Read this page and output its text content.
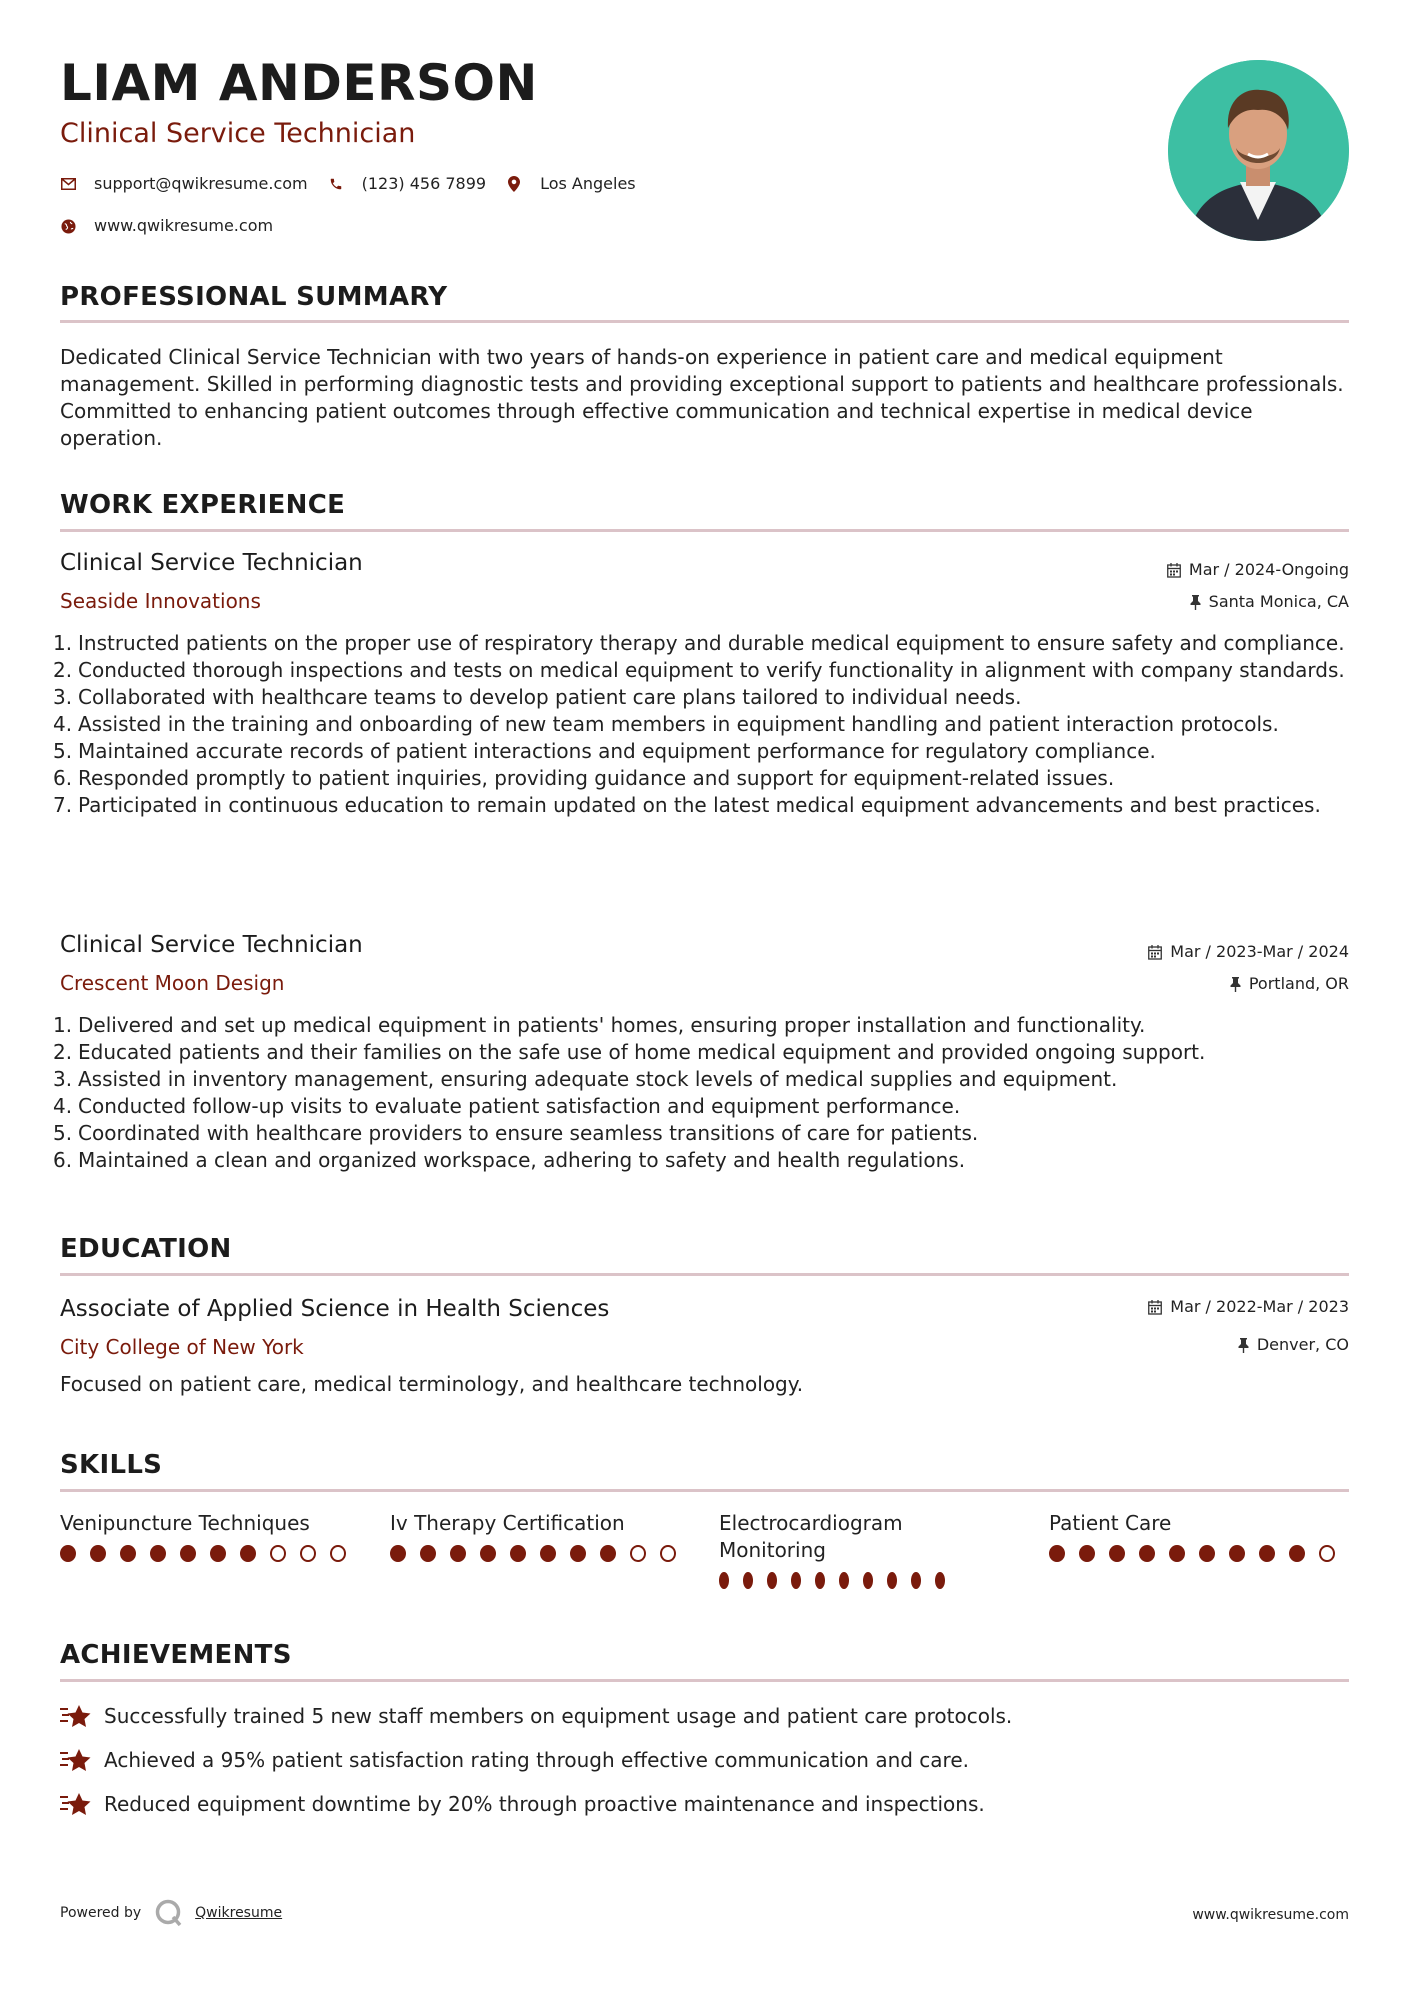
LIAM ANDERSON
Clinical Service Technician
support@qwikresume.com	(123) 456 7899	Los Angeles
www.qwikresume.com
PROFESSIONAL SUMMARY
Dedicated Clinical Service Technician with two years of hands-on experience in patient care and medical equipment management. Skilled in performing diagnostic tests and providing exceptional support to patients and healthcare professionals. Committed to enhancing patient outcomes through effective communication and technical expertise in medical device operation.
WORK EXPERIENCE
Clinical Service Technician
Seaside Innovations
Mar / 2024-Ongoing
Santa Monica, CA
1. Instructed patients on the proper use of respiratory therapy and durable medical equipment to ensure safety and compliance.
2. Conducted thorough inspections and tests on medical equipment to verify functionality in alignment with company standards.
3. Collaborated with healthcare teams to develop patient care plans tailored to individual needs.
4. Assisted in the training and onboarding of new team members in equipment handling and patient interaction protocols.
5. Maintained accurate records of patient interactions and equipment performance for regulatory compliance.
6. Responded promptly to patient inquiries, providing guidance and support for equipment-related issues.
7. Participated in continuous education to remain updated on the latest medical equipment advancements and best practices.
Clinical Service Technician
Crescent Moon Design
Mar / 2023-Mar / 2024
Portland, OR
1. Delivered and set up medical equipment in patients' homes, ensuring proper installation and functionality.
2. Educated patients and their families on the safe use of home medical equipment and provided ongoing support.
3. Assisted in inventory management, ensuring adequate stock levels of medical supplies and equipment.
4. Conducted follow-up visits to evaluate patient satisfaction and equipment performance.
5. Coordinated with healthcare providers to ensure seamless transitions of care for patients.
6. Maintained a clean and organized workspace, adhering to safety and health regulations.
EDUCATION
Associate of Applied Science in Health Sciences
City College of New York
Mar / 2022-Mar / 2023
Denver, CO
Focused on patient care, medical terminology, and healthcare technology.
SKILLS
Venipuncture Techniques	Iv Therapy Certification	Electrocardiogram Monitoring
Patient Care
ACHIEVEMENTS
Successfully trained 5 new staff members on equipment usage and patient care protocols.
Achieved a 95% patient satisfaction rating through effective communication and care.
Reduced equipment downtime by 20% through proactive maintenance and inspections.
Powered by	Qwikresume	www.qwikresume.com
